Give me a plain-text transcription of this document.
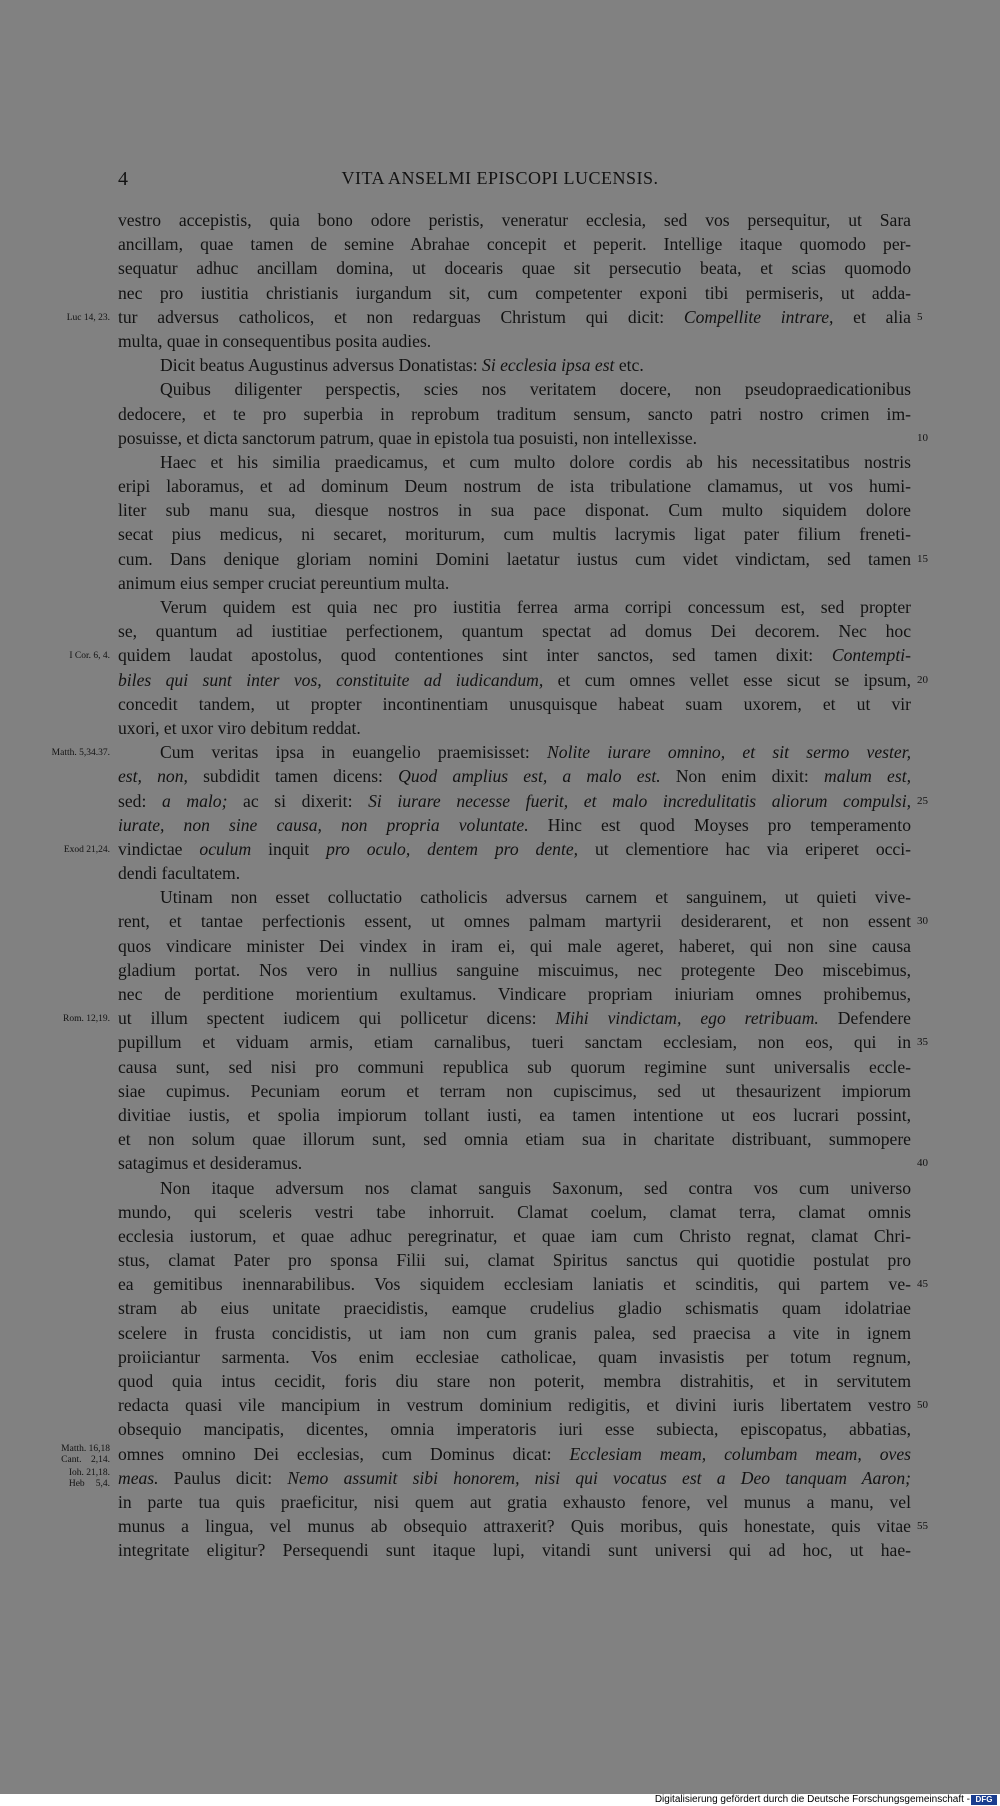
4	VITA ANSELMI EPISCOPI LUCENSIS.
vestro accepistis, quia bono odore peristis, veneratur ecclesia, sed vos persequitur, ut Sara
ancillam, quae tamen de semine Abrahae concepit et peperit. Intellige itaque quomodo per-
sequatur adhuc ancillam domina, ut docearis quae sit persecutio beata, et scias quomodo
nec pro iustitia christianis iurgandum sit, cum competenter exponi tibi permiseris, ut adda-
tur adversus catholicos, et non redarguas Christum qui dicit: Compellite intrare, et alia
Luc 14, 23.	5
multa, quae in consequentibus posita audies.
Dicit beatus Augustinus adversus Donatistas: Si ecclesia ipsa est etc.
Quibus diligenter perspectis, scies nos veritatem docere, non pseudopraedicationibus
dedocere, et te pro superbia in reprobum traditum sensum, sancto patri nostro crimen im-
posuisse, et dicta sanctorum patrum, quae in epistola tua posuisti, non intellexisse.	10
Haec et his similia praedicamus, et cum multo dolore cordis ab his necessitatibus nostris
eripi laboramus, et ad dominum Deum nostrum de ista tribulatione clamamus, ut vos humi-
liter sub manu sua, diesque nostros in sua pace disponat. Cum multo siquidem dolore
secat pius medicus, ni secaret, moriturum, cum multis lacrymis ligat pater filium freneti-
cum. Dans denique gloriam nomini Domini laetatur iustus cum videt vindictam, sed tamen 15
animum eius semper cruciat pereuntium multa.
Verum quidem est quia nec pro iustitia ferrea arma corripi concessum est, sed propter
se, quantum ad iustitiae perfectionem, quantum spectat ad domus Dei decorem. Nec hoc
quidem laudat apostolus, quod contentiones sint inter sanctos, sed tamen dixit: Contempti-
I Cor. 6, 4.
biles qui sunt inter vos, constituite ad iudicandum, et cum omnes vellet esse sicut se ipsum, 20
concedit tandem, ut propter incontinentiam unusquisque habeat suam uxorem, et ut vir
uxori, et uxor viro debitum reddat.
Cum veritas ipsa in euangelio praemisisset: Nolite iurare omnino, et sit sermo vester,
Matth. 5,34.37.
est, non, subdidit tamen dicens: Quod amplius est, a malo est. Non enim dixit: malum est,
sed: a malo; ac si dixerit: Si iurare necesse fuerit, et malo incredulitatis aliorum compulsi, 25
iurate, non sine causa, non propria voluntate. Hinc est quod Moyses pro temperamento
vindictae oculum inquit pro oculo, dentem pro dente, ut clementiore hac via eriperet occi-
Exod 21,24.
dendi facultatem.
Utinam non esset colluctatio catholicis adversus carnem et sanguinem, ut quieti vive-
rent, et tantae perfectionis essent, ut omnes palmam martyrii desiderarent, et non essent 30
quos vindicare minister Dei vindex in iram ei, qui male ageret, haberet, qui non sine causa
gladium portat. Nos vero in nullius sanguine miscuimus, nec protegente Deo miscebimus,
nec de perditione morientium exultamus. Vindicare propriam iniuriam omnes prohibemus,
ut illum spectent iudicem qui pollicetur dicens: Mihi vindictam, ego retribuam. Defendere
Rom. 12,19.
pupillum et viduam armis, etiam carnalibus, tueri sanctam ecclesiam, non eos, qui in 35
causa sunt, sed nisi pro communi republica sub quorum regimine sunt universalis eccle-
siae cupimus. Pecuniam eorum et terram non cupiscimus, sed ut thesaurizent impiorum
divitiae iustis, et spolia impiorum tollant iusti, ea tamen intentione ut eos lucrari possint,
et non solum quae illorum sunt, sed omnia etiam sua in charitate distribuant, summopere
satagimus et desideramus.	40
Non itaque adversum nos clamat sanguis Saxonum, sed contra vos cum universo
mundo, qui sceleris vestri tabe inhorruit. Clamat coelum, clamat terra, clamat omnis
ecclesia iustorum, et quae adhuc peregrinatur, et quae iam cum Christo regnat, clamat Chri-
stus, clamat Pater pro sponsa Filii sui, clamat Spiritus sanctus qui quotidie postulat pro
ea gemitibus inennarabilibus. Vos siquidem ecclesiam laniatis et scinditis, qui partem ve- 45
stram ab eius unitate praecidistis, eamque crudelius gladio schismatis quam idolatriae
scelere in frusta concidistis, ut iam non cum granis palea, sed praecisa a vite in ignem
proiiciantur sarmenta. Vos enim ecclesiae catholicae, quam invasistis per totum regnum,
quod quia intus cecidit, foris diu stare non poterit, membra distrahitis, et in servitutem
redacta quasi vile mancipium in vestrum dominium redigitis, et divini iuris libertatem vestro 50
obsequio mancipatis, dicentes, omnia imperatoris iuri esse subiecta, episcopatus, abbatias,
omnes omnino Dei ecclesias, cum Dominus dicat: Ecclesiam meam, columbam meam, oves
Matth. 16,18
Cant. 2,14.
meas. Paulus dicit: Nemo assumit sibi honorem, nisi qui vocatus est a Deo tanquam Aaron;
Ioh. 21,18.
Heb 5,4.
in parte tua quis praeficitur, nisi quem aut gratia exhausto fenore, vel munus a manu, vel
munus a lingua, vel munus ab obsequio attraxerit? Quis moribus, quis honestate, quis vitae 55
integritate eligitur? Persequendi sunt itaque lupi, vitandi sunt universi qui ad hoc, ut hae-
Digitalisierung gefördert durch die Deutsche Forschungsgemeinschaft - DFG
